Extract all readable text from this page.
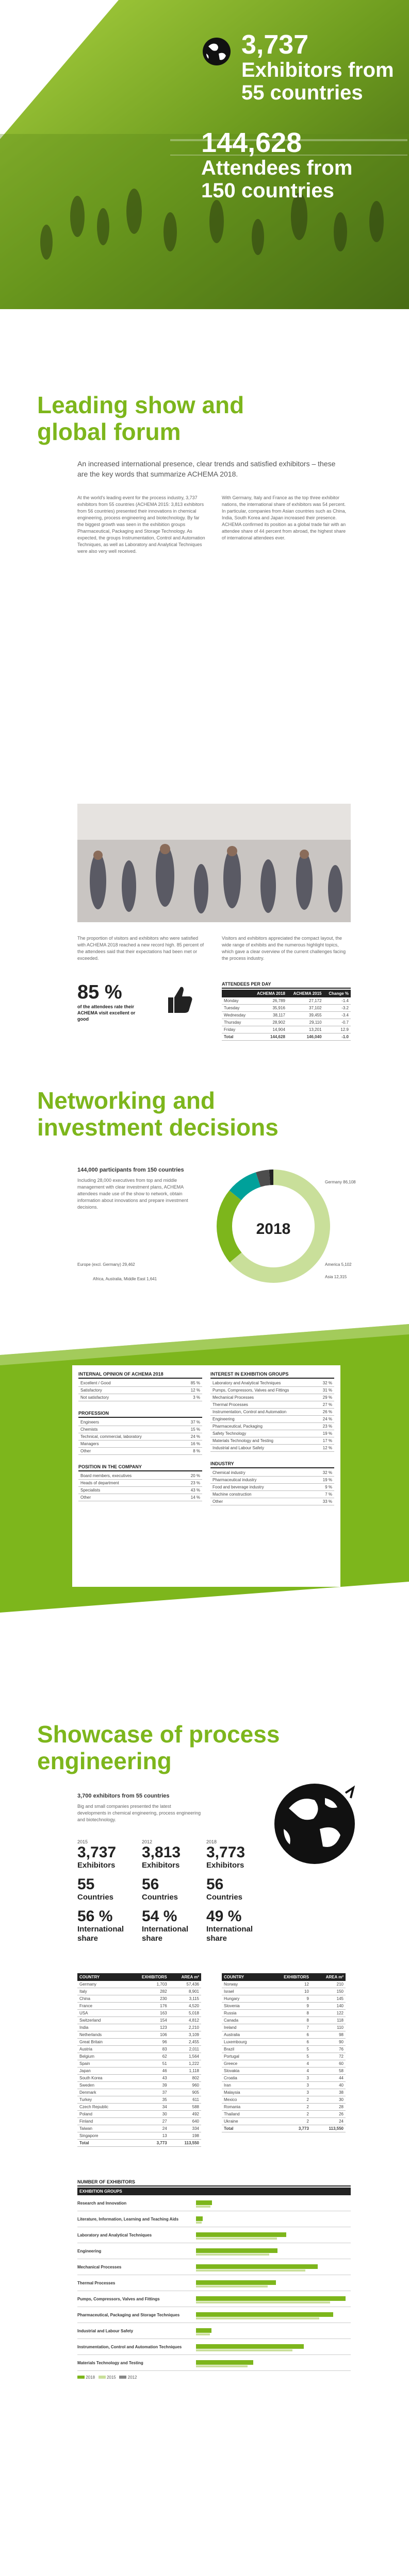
3,737
Exhibitors from
55 countries
144,628
Attendees from
150 countries
Leading show and
global forum
An increased international presence, clear trends and satisfied exhibitors – these are the key words that summarize ACHEMA 2018.
At the world's leading event for the process industry, 3,737 exhibitors from 55 countries (ACHEMA 2015: 3,813 exhibitors from 56 countries) presented their innovations in chemical engineering, process engineering and biotechnology. By far the biggest growth was seen in the exhibition groups Pharmaceutical, Packaging and Storage Technology. As expected, the groups Instrumentation, Control and Automation Techniques, as well as Laboratory and Analytical Techniques were also very well received.
With Germany, Italy and France as the top three exhibitor nations, the international share of exhibitors was 54 percent. In particular, companies from Asian countries such as China, India, South Korea and Japan increased their presence. ACHEMA confirmed its position as a global trade fair with an attendee share of 44 percent from abroad, the highest share of international attendees ever.
The proportion of visitors and exhibitors who were satisfied with ACHEMA 2018 reached a new record high. 85 percent of the attendees said that their expectations had been met or exceeded.
Visitors and exhibitors appreciated the compact layout, the wide range of exhibits and the numerous highlight topics, which gave a clear overview of the current challenges facing the process industry.
85 %
of the attendees rate their ACHEMA visit excellent or good
ATTENDEES PER DAY
	ACHEMA 2018	ACHEMA 2015	Change %
Monday	26,789	27,172	-1.4
Tuesday	35,916	37,102	-3.2
Wednesday	38,117	39,455	-3.4
Thursday	28,902	29,110	-0.7
Friday	14,904	13,201	12.9
Total	144,628	146,040	-1.0
Networking and
investment decisions
144,000 participants from 150 countries
Including 28,000 executives from top and middle management with clear investment plans, ACHEMA attendees made use of the show to network, obtain information about innovations and prepare investment decisions.
2018
Europe (excl. Germany) 29,462
Africa, Australia, Middle East 1,641
America 5,102
Asia 12,315
Germany 86,108
INTERNAL OPINION OF ACHEMA 2018
Excellent / Good	85 %
Satisfactory	12 %
Not satisfactory	3 %
PROFESSION
Engineers	37 %
Chemists	15 %
Technical, commercial, laboratory	24 %
Managers	16 %
Other	8 %
POSITION IN THE COMPANY
Board members, executives	20 %
Heads of department	23 %
Specialists	43 %
Other	14 %
INTEREST IN EXHIBITION GROUPS
Laboratory and Analytical Techniques	32 %
Pumps, Compressors, Valves and Fittings	31 %
Mechanical Processes	29 %
Thermal Processes	27 %
Instrumentation, Control and Automation	26 %
Engineering	24 %
Pharmaceutical, Packaging	23 %
Safety Technology	19 %
Materials Technology and Testing	17 %
Industrial and Labour Safety	12 %
INDUSTRY
Chemical industry	32 %
Pharmaceutical industry	19 %
Food and beverage industry	9 %
Machine construction	7 %
Other	33 %
Showcase of process
engineering
3,700 exhibitors from 55 countries
Big and small companies presented the latest developments in chemical engineering, process engineering and biotechnology.
2015
3,737
Exhibitors
55
Countries
56 %
International share
2012
3,813
Exhibitors
56
Countries
54 %
International share
2018
3,773
Exhibitors
56
Countries
49 %
International share
COUNTRY	EXHIBITORS	AREA m²
Germany	1,703	57,436
Italy	282	8,901
China	230	3,115
France	176	4,520
USA	163	5,018
Switzerland	154	4,812
India	123	2,210
Netherlands	106	3,109
Great Britain	96	2,455
Austria	83	2,011
Belgium	62	1,564
Spain	51	1,222
Japan	46	1,118
South Korea	43	802
Sweden	39	960
Denmark	37	905
Turkey	35	611
Czech Republic	34	588
Poland	30	492
Finland	27	640
Taiwan	24	334
Singapore	13	198
Total	3,773	113,550
COUNTRY	EXHIBITORS	AREA m²
Norway	12	210
Israel	10	150
Hungary	9	145
Slovenia	9	140
Russia	8	122
Canada	8	118
Ireland	7	110
Australia	6	98
Luxembourg	6	90
Brazil	5	76
Portugal	5	72
Greece	4	60
Slovakia	4	58
Croatia	3	44
Iran	3	40
Malaysia	3	38
Mexico	2	30
Romania	2	28
Thailand	2	26
Ukraine	2	24
Total	3,773	113,550
NUMBER OF EXHIBITORS
EXHIBITION GROUPS
Research and Innovation
Literature, Information, Learning and Teaching Aids
Laboratory and Analytical Techniques
Engineering
Mechanical Processes
Thermal Processes
Pumps, Compressors, Valves and Fittings
Pharmaceutical, Packaging and Storage Techniques
Industrial and Labour Safety
Instrumentation, Control and Automation Techniques
Materials Technology and Testing
2018	2015	2012
